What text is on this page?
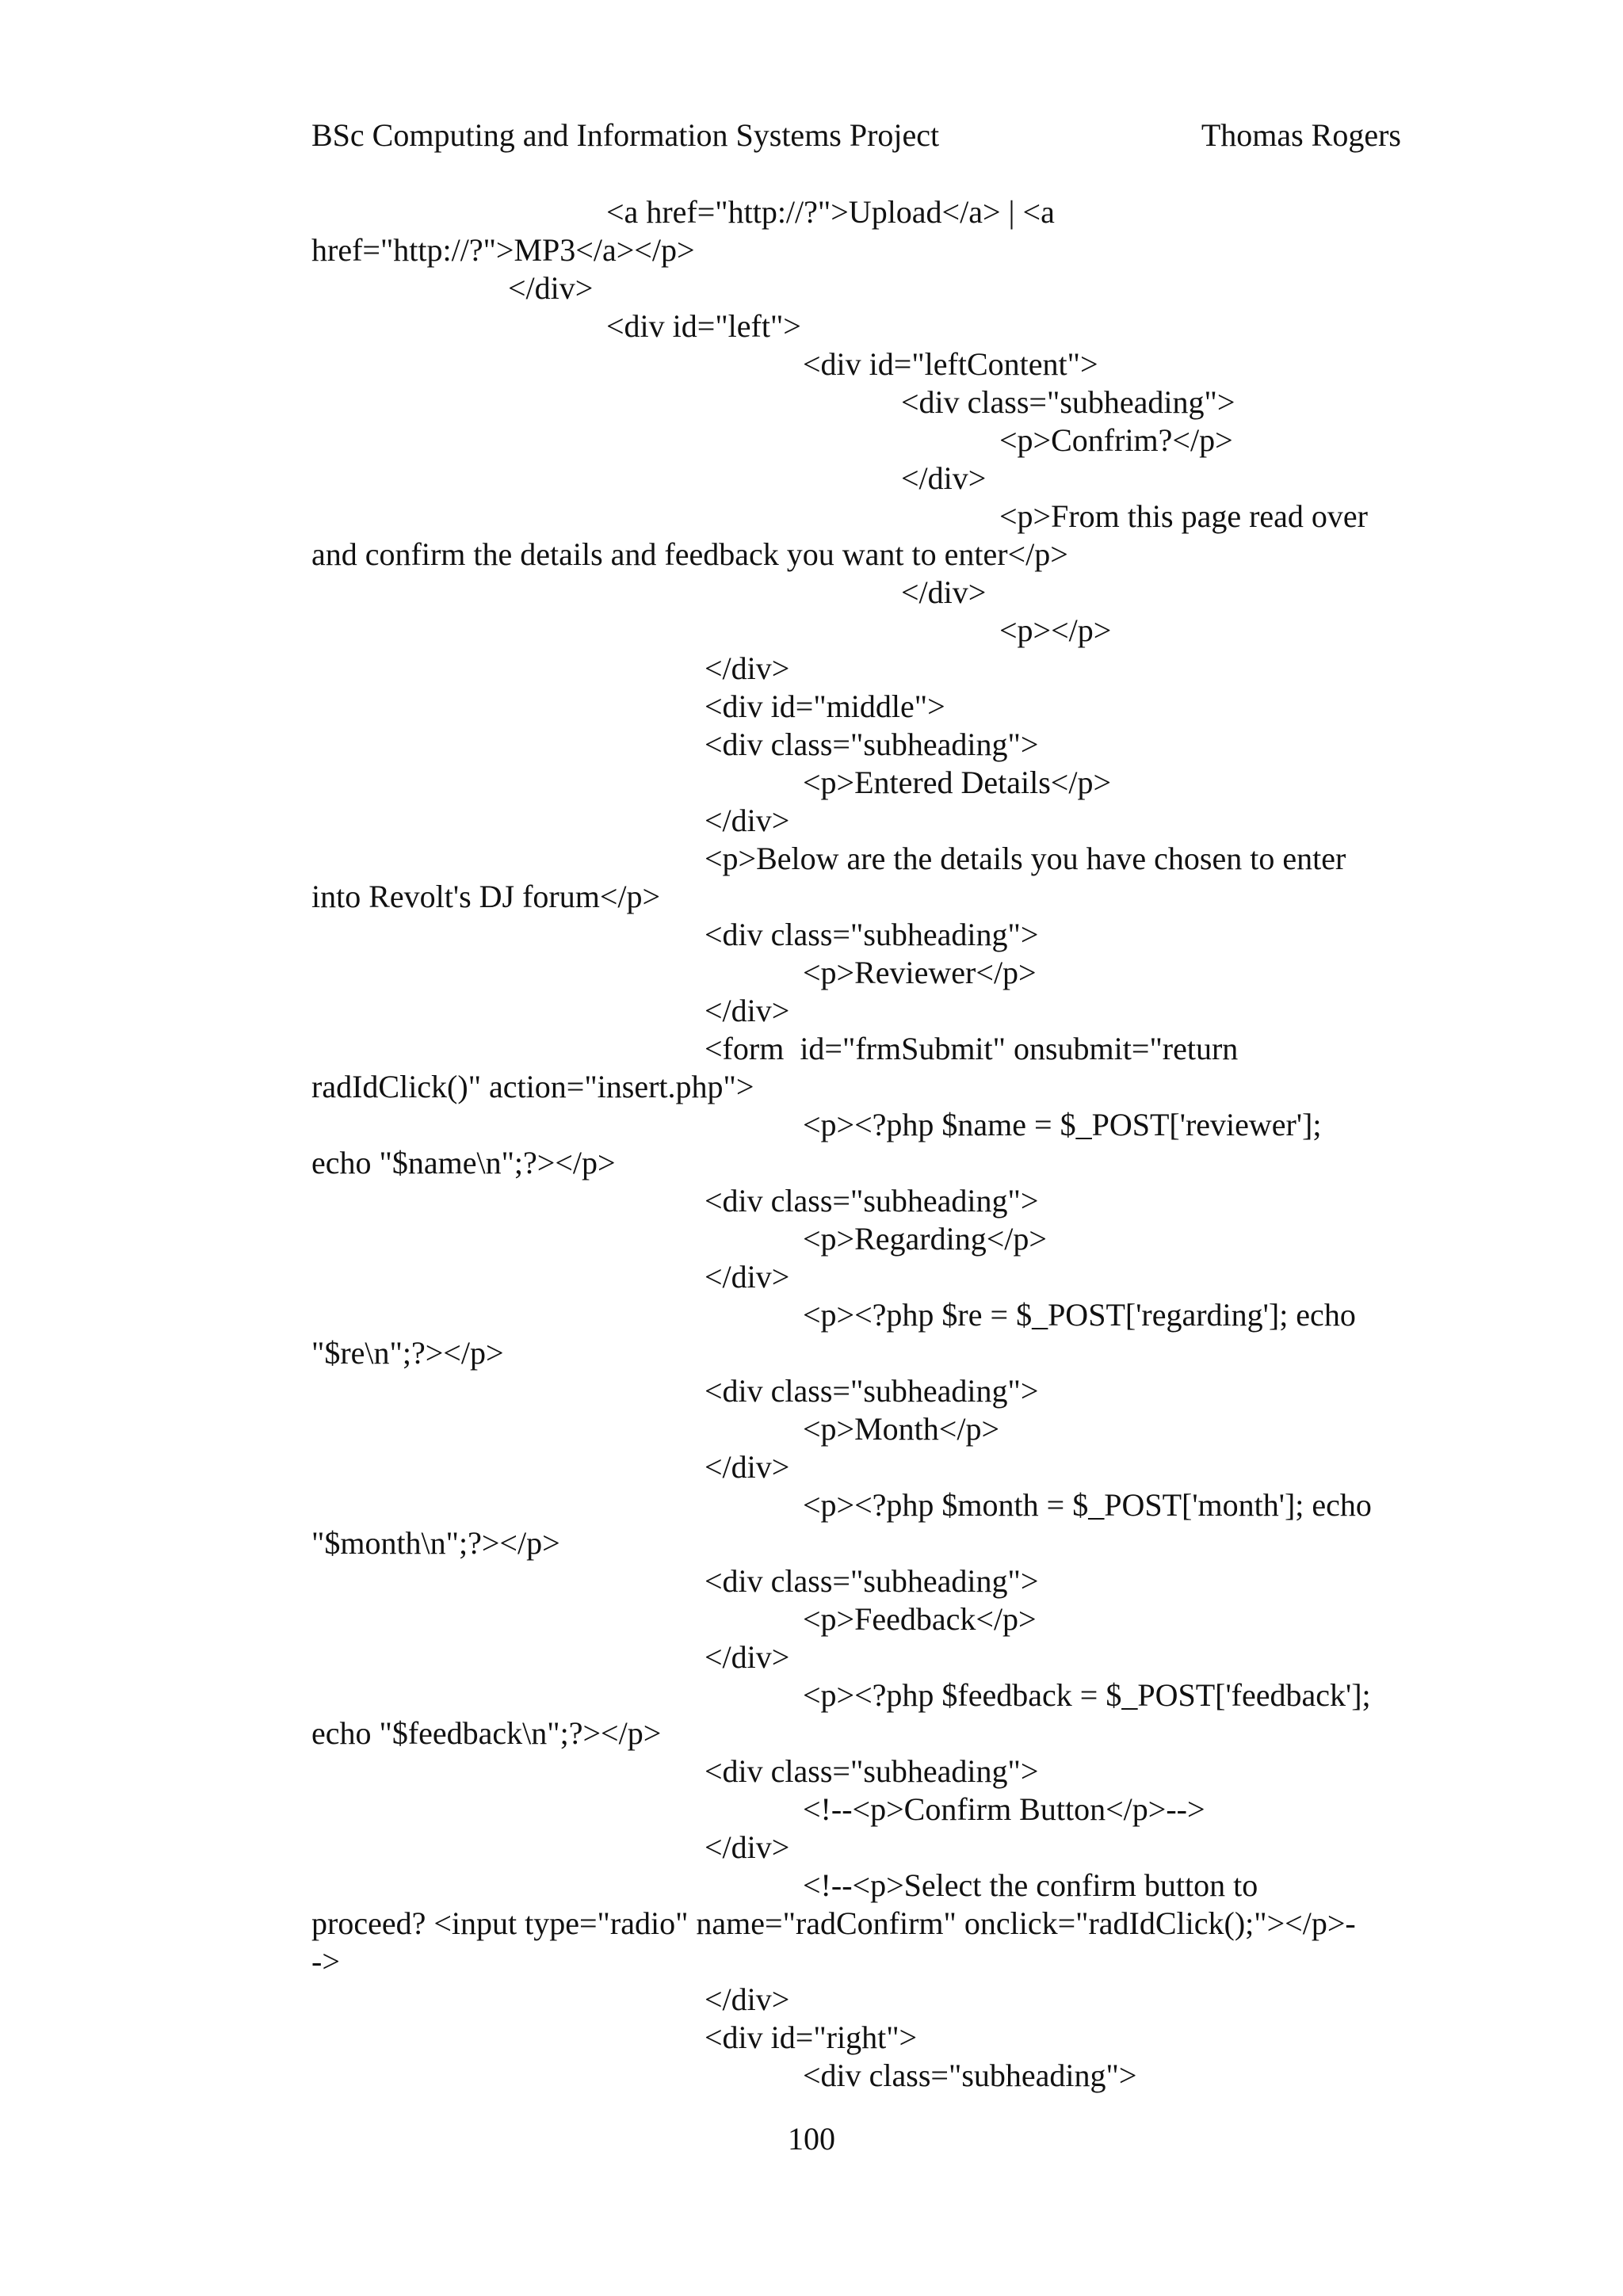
BSc Computing and Information Systems Project	Thomas Rogers
<a href="http://?">Upload</a> | <a
href="http://?">MP3</a></p>
</div>
<div id="left">
<div id="leftContent">
<div class="subheading">
<p>Confrim?</p>
</div>
<p>From this page read over
and confirm the details and feedback you want to enter</p>
</div>
<p></p>
</div>
<div id="middle">
<div class="subheading">
<p>Entered Details</p>
</div>
<p>Below are the details you have chosen to enter
into Revolt's DJ forum</p>
<div class="subheading">
<p>Reviewer</p>
</div>
<form  id="frmSubmit" onsubmit="return
radIdClick()" action="insert.php">
<p><?php $name = $_POST['reviewer'];
echo "$name\n";?></p>
<div class="subheading">
<p>Regarding</p>
</div>
<p><?php $re = $_POST['regarding']; echo
"$re\n";?></p>
<div class="subheading">
<p>Month</p>
</div>
<p><?php $month = $_POST['month']; echo
"$month\n";?></p>
<div class="subheading">
<p>Feedback</p>
</div>
<p><?php $feedback = $_POST['feedback'];
echo "$feedback\n";?></p>
<div class="subheading">
<!--<p>Confirm Button</p>-->
</div>
<!--<p>Select the confirm button to
proceed? <input type="radio" name="radConfirm" onclick="radIdClick();"></p>-
->
</div>
<div id="right">
<div class="subheading">
100
